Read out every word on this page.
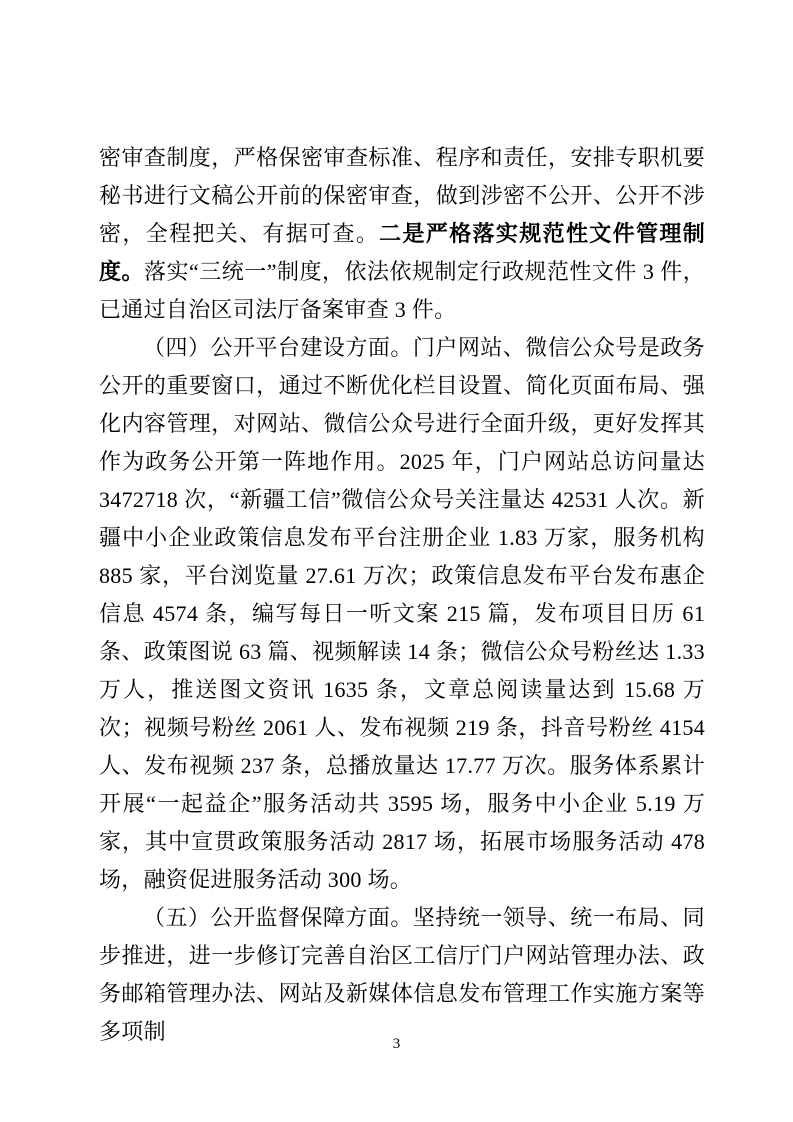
密审查制度，严格保密审查标准、程序和责任，安排专职机要秘书进行文稿公开前的保密审查，做到涉密不公开、公开不涉密，全程把关、有据可查。二是严格落实规范性文件管理制度。落实“三统一”制度，依法依规制定行政规范性文件 3 件，已通过自治区司法厅备案审查 3 件。

（四）公开平台建设方面。门户网站、微信公众号是政务公开的重要窗口，通过不断优化栏目设置、简化页面布局、强化内容管理，对网站、微信公众号进行全面升级，更好发挥其作为政务公开第一阵地作用。2025 年，门户网站总访问量达 3472718 次，“新疆工信”微信公众号关注量达 42531 人次。新疆中小企业政策信息发布平台注册企业 1.83 万家，服务机构 885 家，平台浏览量 27.61 万次；政策信息发布平台发布惠企信息 4574 条，编写每日一听文案 215 篇，发布项目日历 61 条、政策图说 63 篇、视频解读 14 条；微信公众号粉丝达 1.33 万人，推送图文资讯 1635 条，文章总阅读量达到 15.68 万次；视频号粉丝 2061 人、发布视频 219 条，抖音号粉丝 4154 人、发布视频 237 条，总播放量达 17.77 万次。服务体系累计开展“一起益企”服务活动共 3595 场，服务中小企业 5.19 万家，其中宣贯政策服务活动 2817 场，拓展市场服务活动 478 场，融资促进服务活动 300 场。

（五）公开监督保障方面。坚持统一领导、统一布局、同步推进，进一步修订完善自治区工信厅门户网站管理办法、政务邮箱管理办法、网站及新媒体信息发布管理工作实施方案等多项制	3
